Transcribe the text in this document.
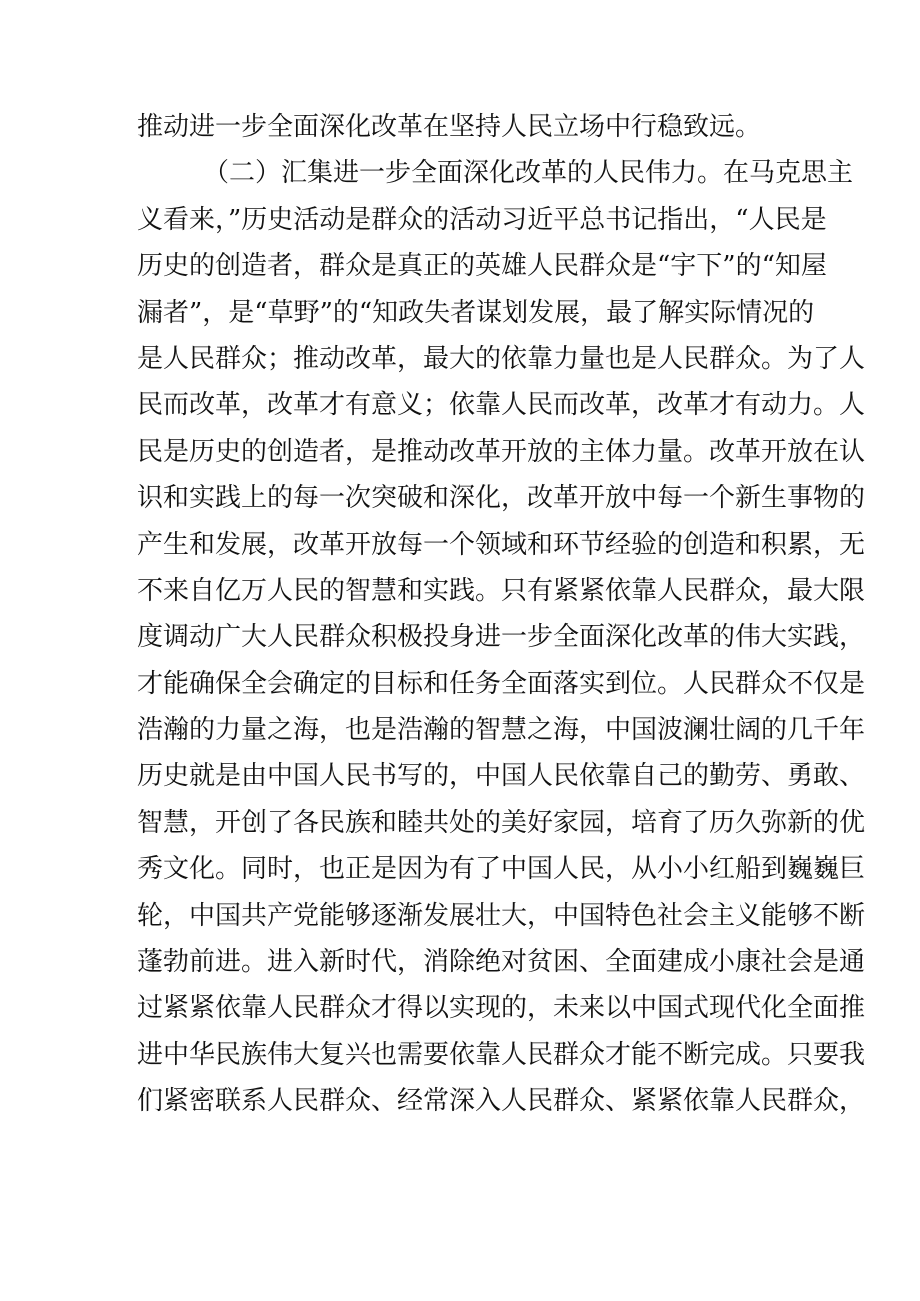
推动进一步全面深化改革在坚持人民立场中行稳致远。
（二）汇集进一步全面深化改革的人民伟力。在马克思主
义看来，”历史活动是群众的活动习近平总书记指出，“人民是
历史的创造者，群众是真正的英雄人民群众是“宇下”的“知屋
漏者”，是“草野”的“知政失者谋划发展，最了解实际情况的
是人民群众；推动改革，最大的依靠力量也是人民群众。为了人
民而改革，改革才有意义；依靠人民而改革，改革才有动力。人
民是历史的创造者，是推动改革开放的主体力量。改革开放在认
识和实践上的每一次突破和深化，改革开放中每一个新生事物的
产生和发展，改革开放每一个领域和环节经验的创造和积累，无
不来自亿万人民的智慧和实践。只有紧紧依靠人民群众，最大限
度调动广大人民群众积极投身进一步全面深化改革的伟大实践，
才能确保全会确定的目标和任务全面落实到位。人民群众不仅是
浩瀚的力量之海，也是浩瀚的智慧之海，中国波澜壮阔的几千年
历史就是由中国人民书写的，中国人民依靠自己的勤劳、勇敢、
智慧，开创了各民族和睦共处的美好家园，培育了历久弥新的优
秀文化。同时，也正是因为有了中国人民，从小小红船到巍巍巨
轮，中国共产党能够逐渐发展壮大，中国特色社会主义能够不断
蓬勃前进。进入新时代，消除绝对贫困、全面建成小康社会是通
过紧紧依靠人民群众才得以实现的，未来以中国式现代化全面推
进中华民族伟大复兴也需要依靠人民群众才能不断完成。只要我
们紧密联系人民群众、经常深入人民群众、紧紧依靠人民群众，
